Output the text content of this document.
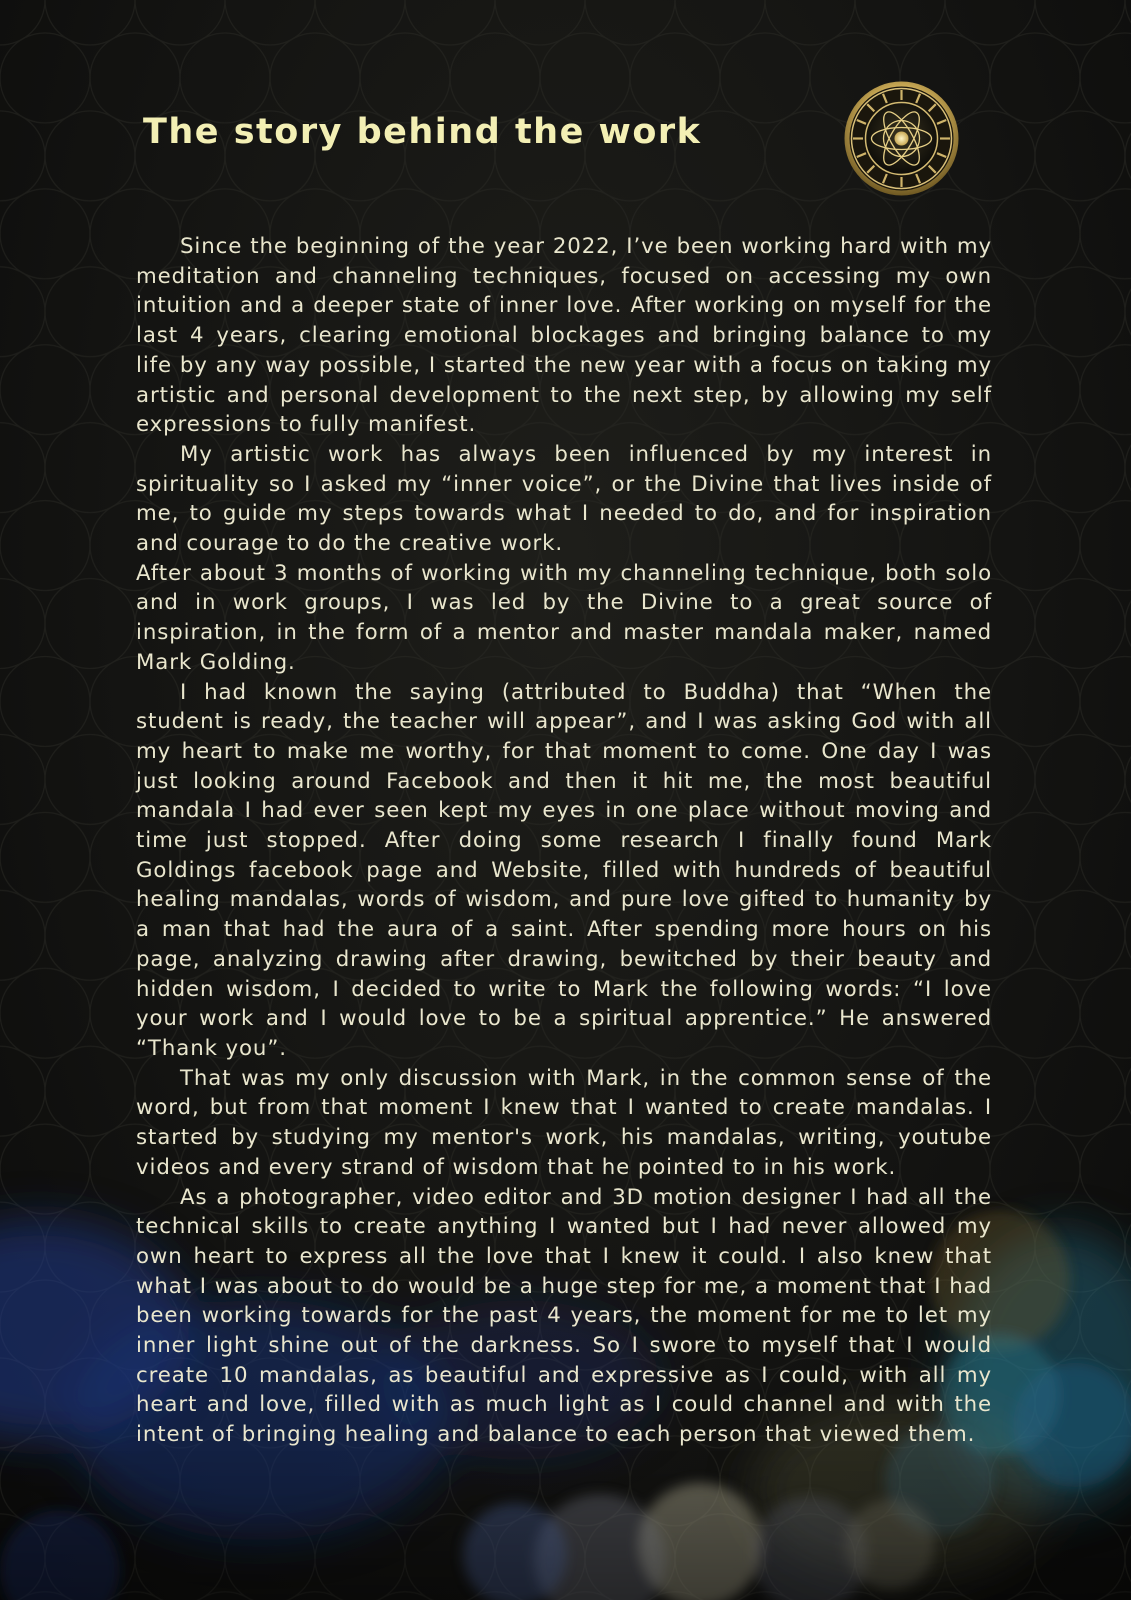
The story behind the work

Since the beginning of the year 2022, I’ve been working hard with my meditation and channeling techniques, focused on accessing my own intuition and a deeper state of inner love. After working on myself for the last 4 years, clearing emotional blockages and bringing balance to my life by any way possible, I started the new year with a focus on taking my artistic and personal development to the next step, by allowing my self expressions to fully manifest.

My artistic work has always been influenced by my interest in spirituality so I asked my “inner voice”, or the Divine that lives inside of me, to guide my steps towards what I needed to do, and for inspiration and courage to do the creative work.

After about 3 months of working with my channeling technique, both solo and in work groups, I was led by the Divine to a great source of inspiration, in the form of a mentor and master mandala maker, named Mark Golding.

I had known the saying (attributed to Buddha) that “When the student is ready, the teacher will appear”, and I was asking God with all my heart to make me worthy, for that moment to come. One day I was just looking around Facebook and then it hit me, the most beautiful mandala I had ever seen kept my eyes in one place without moving and time just stopped. After doing some research I finally found Mark Goldings facebook page and Website, filled with hundreds of beautiful healing mandalas, words of wisdom, and pure love gifted to humanity by a man that had the aura of a saint. After spending more hours on his page, analyzing drawing after drawing, bewitched by their beauty and hidden wisdom, I decided to write to Mark the following words: “I love your work and I would love to be a spiritual apprentice.” He answered “Thank you”.

That was my only discussion with Mark, in the common sense of the word, but from that moment I knew that I wanted to create mandalas. I started by studying my mentor's work, his mandalas, writing, youtube videos and every strand of wisdom that he pointed to in his work.

As a photographer, video editor and 3D motion designer I had all the technical skills to create anything I wanted but I had never allowed my own heart to express all the love that I knew it could. I also knew that what I was about to do would be a huge step for me, a moment that I had been working towards for the past 4 years, the moment for me to let my inner light shine out of the darkness. So I swore to myself that I would create 10 mandalas, as beautiful and expressive as I could, with all my heart and love, filled with as much light as I could channel and with the intent of bringing healing and balance to each person that viewed them.
